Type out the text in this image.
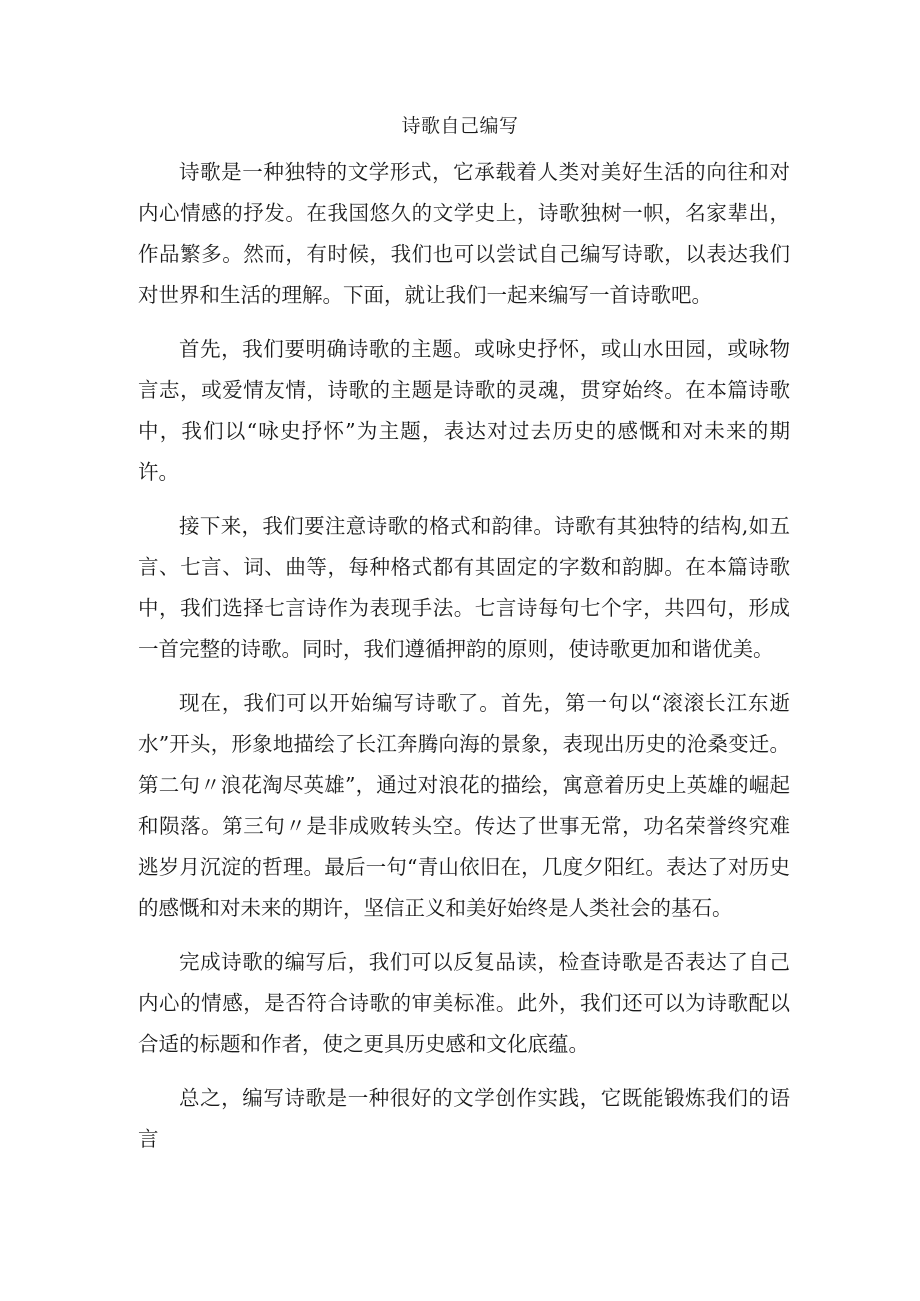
诗歌自己编写

诗歌是一种独特的文学形式，它承载着人类对美好生活的向往和对内心情感的抒发。在我国悠久的文学史上，诗歌独树一帜，名家辈出，作品繁多。然而，有时候，我们也可以尝试自己编写诗歌，以表达我们对世界和生活的理解。下面，就让我们一起来编写一首诗歌吧。

首先，我们要明确诗歌的主题。或咏史抒怀，或山水田园，或咏物言志，或爱情友情，诗歌的主题是诗歌的灵魂，贯穿始终。在本篇诗歌中，我们以“咏史抒怀”为主题，表达对过去历史的感慨和对未来的期许。

接下来，我们要注意诗歌的格式和韵律。诗歌有其独特的结构,如五言、七言、词、曲等，每种格式都有其固定的字数和韵脚。在本篇诗歌中，我们选择七言诗作为表现手法。七言诗每句七个字，共四句，形成一首完整的诗歌。同时，我们遵循押韵的原则，使诗歌更加和谐优美。

现在，我们可以开始编写诗歌了。首先，第一句以“滚滚长江东逝水”开头，形象地描绘了长江奔腾向海的景象，表现出历史的沧桑变迁。第二句〃浪花淘尽英雄”，通过对浪花的描绘，寓意着历史上英雄的崛起和陨落。第三句〃是非成败转头空。传达了世事无常，功名荣誉终究难逃岁月沉淀的哲理。最后一句“青山依旧在，几度夕阳红。表达了对历史的感慨和对未来的期许，坚信正义和美好始终是人类社会的基石。

完成诗歌的编写后，我们可以反复品读，检查诗歌是否表达了自己内心的情感，是否符合诗歌的审美标准。此外，我们还可以为诗歌配以合适的标题和作者，使之更具历史感和文化底蕴。

总之，编写诗歌是一种很好的文学创作实践，它既能锻炼我们的语言
